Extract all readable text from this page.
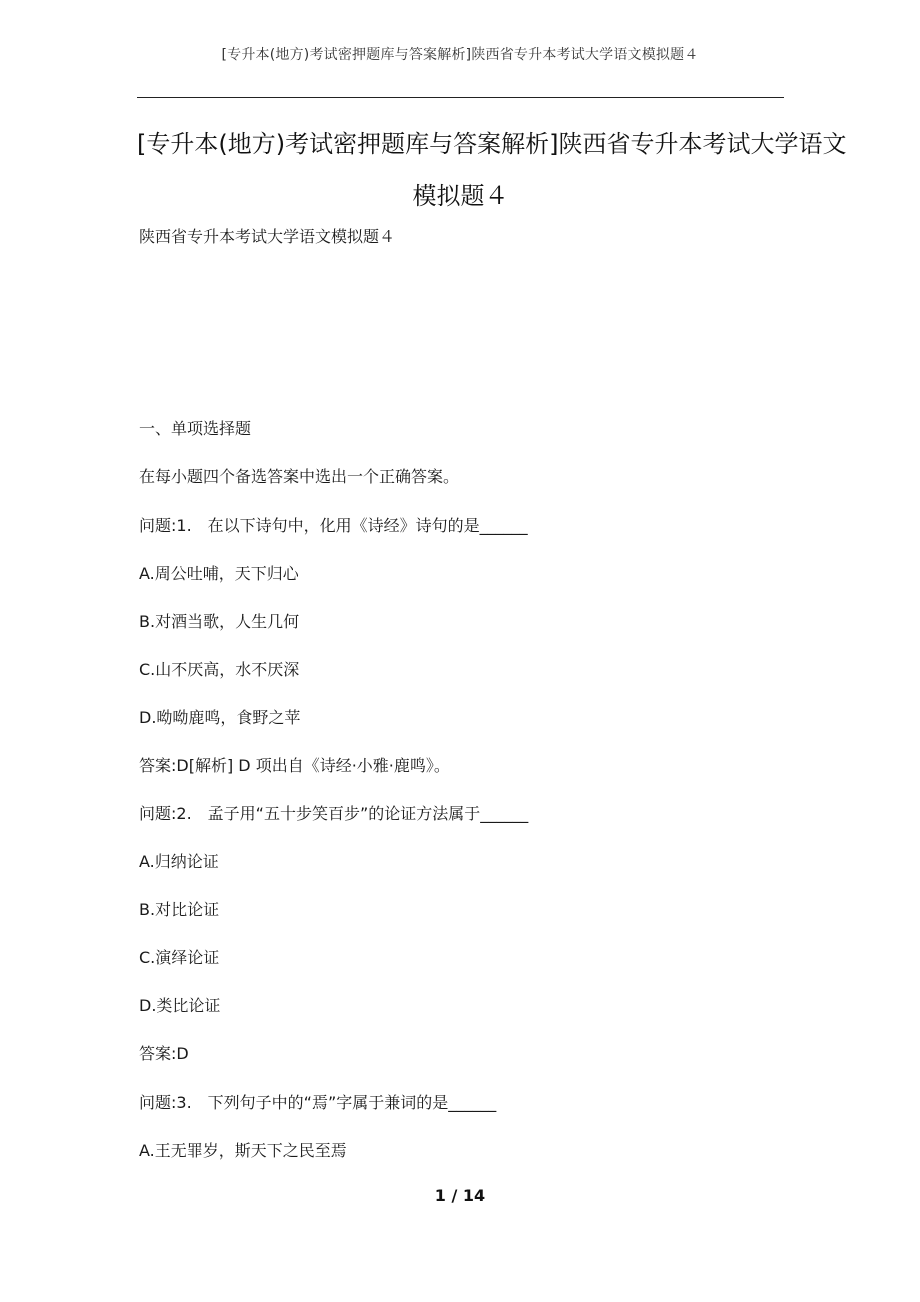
[专升本(地方)考试密押题库与答案解析]陕西省专升本考试大学语文模拟题４
[专升本(地方)考试密押题库与答案解析]陕西省专升本考试大学语文
模拟题４
陕西省专升本考试大学语文模拟题４
一、单项选择题
在每小题四个备选答案中选出一个正确答案。
问题:1.　在以下诗句中，化用《诗经》诗句的是______
A.周公吐哺，天下归心
B.对酒当歌，人生几何
C.山不厌高，水不厌深
D.呦呦鹿鸣，食野之苹
答案:D[解析] D 项出自《诗经·小雅·鹿鸣》。
问题:2.　孟子用“五十步笑百步”的论证方法属于______
A.归纳论证
B.对比论证
C.演绎论证
D.类比论证
答案:D
问题:3.　下列句子中的“焉”字属于兼词的是______
A.王无罪岁，斯天下之民至焉
1 / 14
